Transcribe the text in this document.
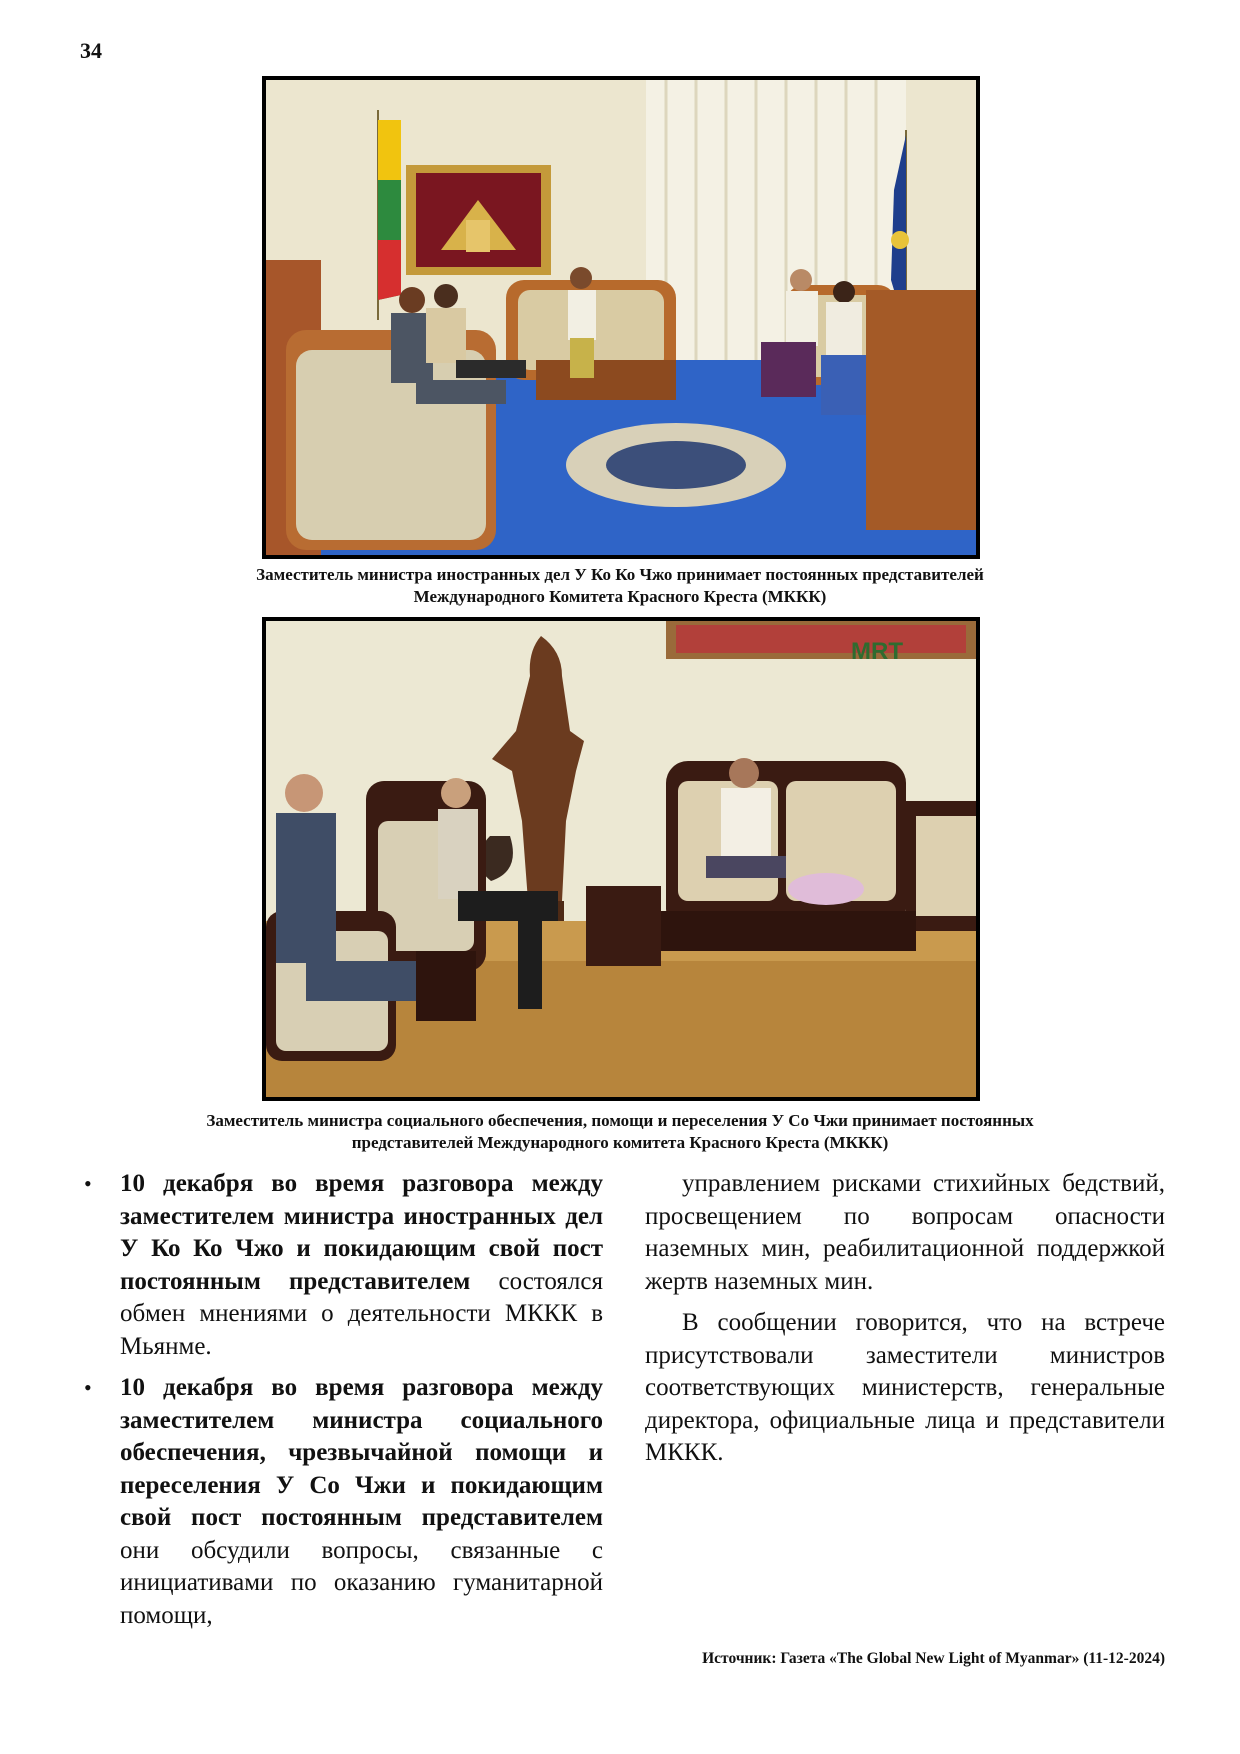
34
Заместитель министра иностранных дел У Ко Ко Чжо принимает постоянных представителей
Международного Комитета Красного Креста (МККК)
MRT
Заместитель министра социального обеспечения, помощи и переселения У Со Чжи принимает постоянных
представителей Международного комитета Красного Креста (МККК)
• 10 декабря во время разговора между заместителем министра иностранных дел У Ко Ко Чжо и покидающим свой пост постоянным представителем состоялся обмен мнениями о деятельности МККК в Мьянме.
• 10 декабря во время разговора между заместителем министра социального обеспечения, чрезвычайной помощи и переселения У Со Чжи и покидающим свой пост постоянным представителем они обсудили вопросы, связанные с инициативами по оказанию гуманитарной помощи,

управлением рисками стихийных бедствий, просвещением по вопросам опасности наземных мин, реабилитационной поддержкой жертв наземных мин.

В сообщении говорится, что на встрече присутствовали заместители министров соответствующих министерств, генеральные директора, официальные лица и представители МККК.

Источник: Газета «The Global New Light of Myanmar» (11-12-2024)
